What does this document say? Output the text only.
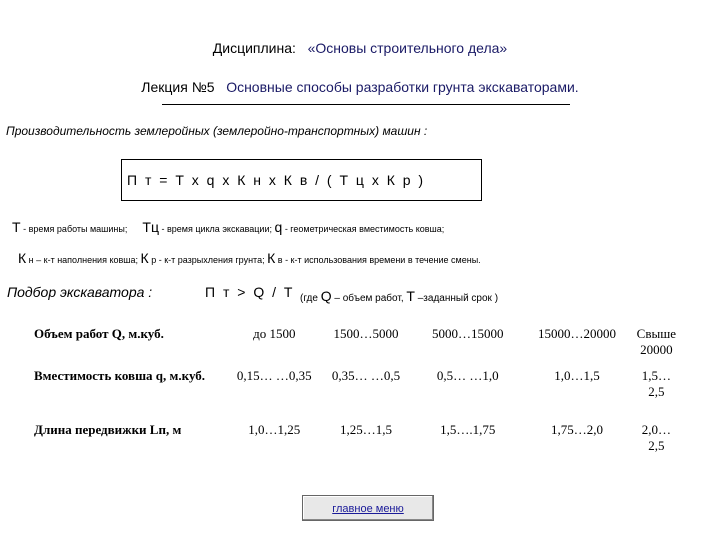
Дисциплина: «Основы строительного дела»
Лекция №5 Основные способы разработки грунта экскаваторами.
Производительность землеройных (землеройно-транспортных) машин :
П т = Т х q х К н х К в / ( Т ц х К р )
Т - время работы машины; Тц - время цикла экскавации; q - геометрическая вместимость ковша;
К н – к-т наполнения ковша; К р - к-т разрыхления грунта; К в - к-т использования времени в течение смены.
Подбор экскаватора :	П т > Q / Т (где Q – объем работ, Т –заданный срок )
Объем работ Q, м.куб.	до 1500	1500…5000	5000…15000	15000…20000	Свыше 20000
Вместимость ковша q, м.куб.	0,15… …0,35	0,35… …0,5	0,5… …1,0	1,0…1,5	1,5…2,5
Длина передвижки Lп, м	1,0…1,25	1,25…1,5	1,5….1,75	1,75…2,0	2,0…2,5
главное меню
